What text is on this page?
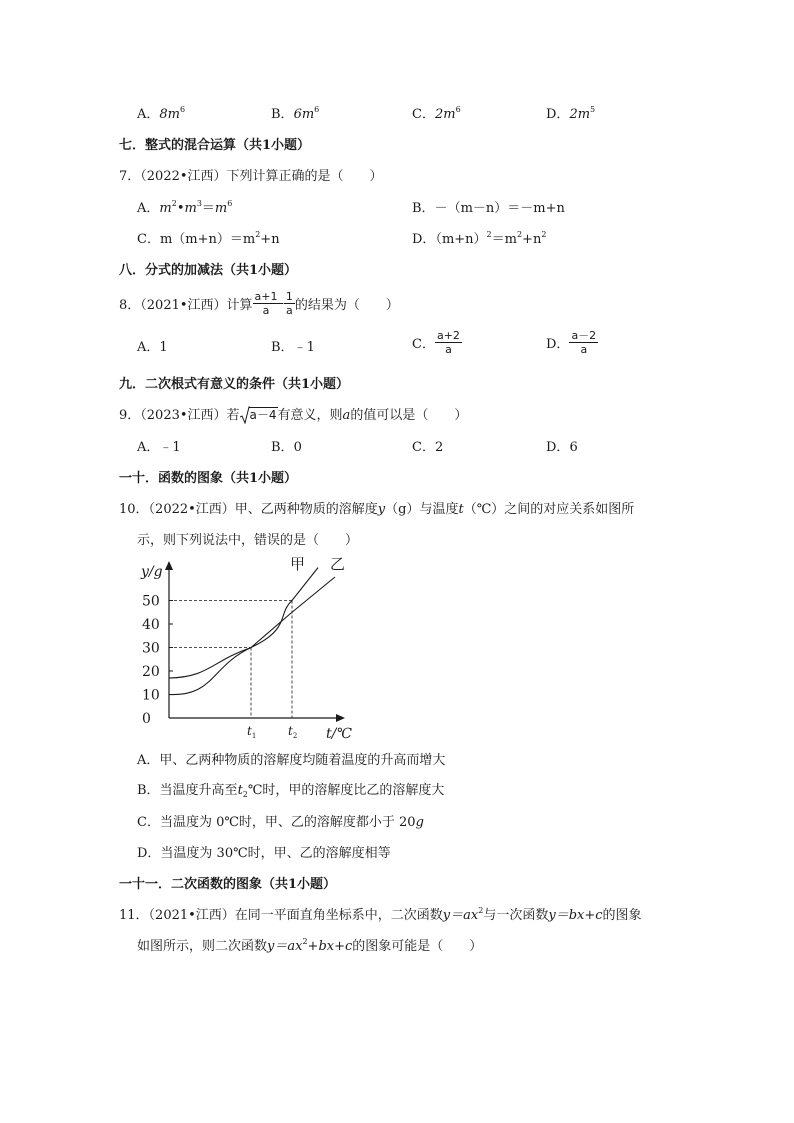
A．$8m^6$	B．$6m^6$	C．$2m^6$	D．$2m^5$
七．整式的混合运算（共1小题）
7．（2022•江西）下列计算正确的是（　　）
A．$m^2•m^3=m^6$	B．－（m－n）＝－m+n
C．$m(m+n)=m^2+n$	D．$(m+n)^2=m^2+n^2$
八．分式的加减法（共1小题）
8．（2021•江西）计算 $\frac{a+1}{a} - \frac{1}{a}$ 的结果为（　　）
A．1	B．﹣1	C． $\frac{a+2}{a}$	D． $\frac{a-2}{a}$
九．二次根式有意义的条件（共1小题）
9．（2023•江西）若 a－4有意义，则a的值可以是（　　）
A．﹣1	B．0	C．2	D．6
一十．函数的图象（共1小题）
10．（2022•江西）甲、乙两种物质的溶解度y（g）与温度t（℃）之间的对应关系如图所
示，则下列说法中，错误的是（　　）
0
10
20
30
40
50
$t_1$	$t_2$
甲 乙
y/g
t/℃
A．甲、乙两种物质的溶解度均随着温度的升高而增大
B．当温度升高至$t_2℃$时，甲的溶解度比乙的溶解度大
C．当温度为 0℃时，甲、乙的溶解度都小于 20g
D．当温度为 30℃时，甲、乙的溶解度相等
一十一．二次函数的图象（共1小题）
11．（2021•江西）在同一平面直角坐标系中，二次函数$y=ax^2$与一次函数y＝bx+c的图象
如图所示，则二次函数$y=ax^2+bx+c$的图象可能是（　　）
